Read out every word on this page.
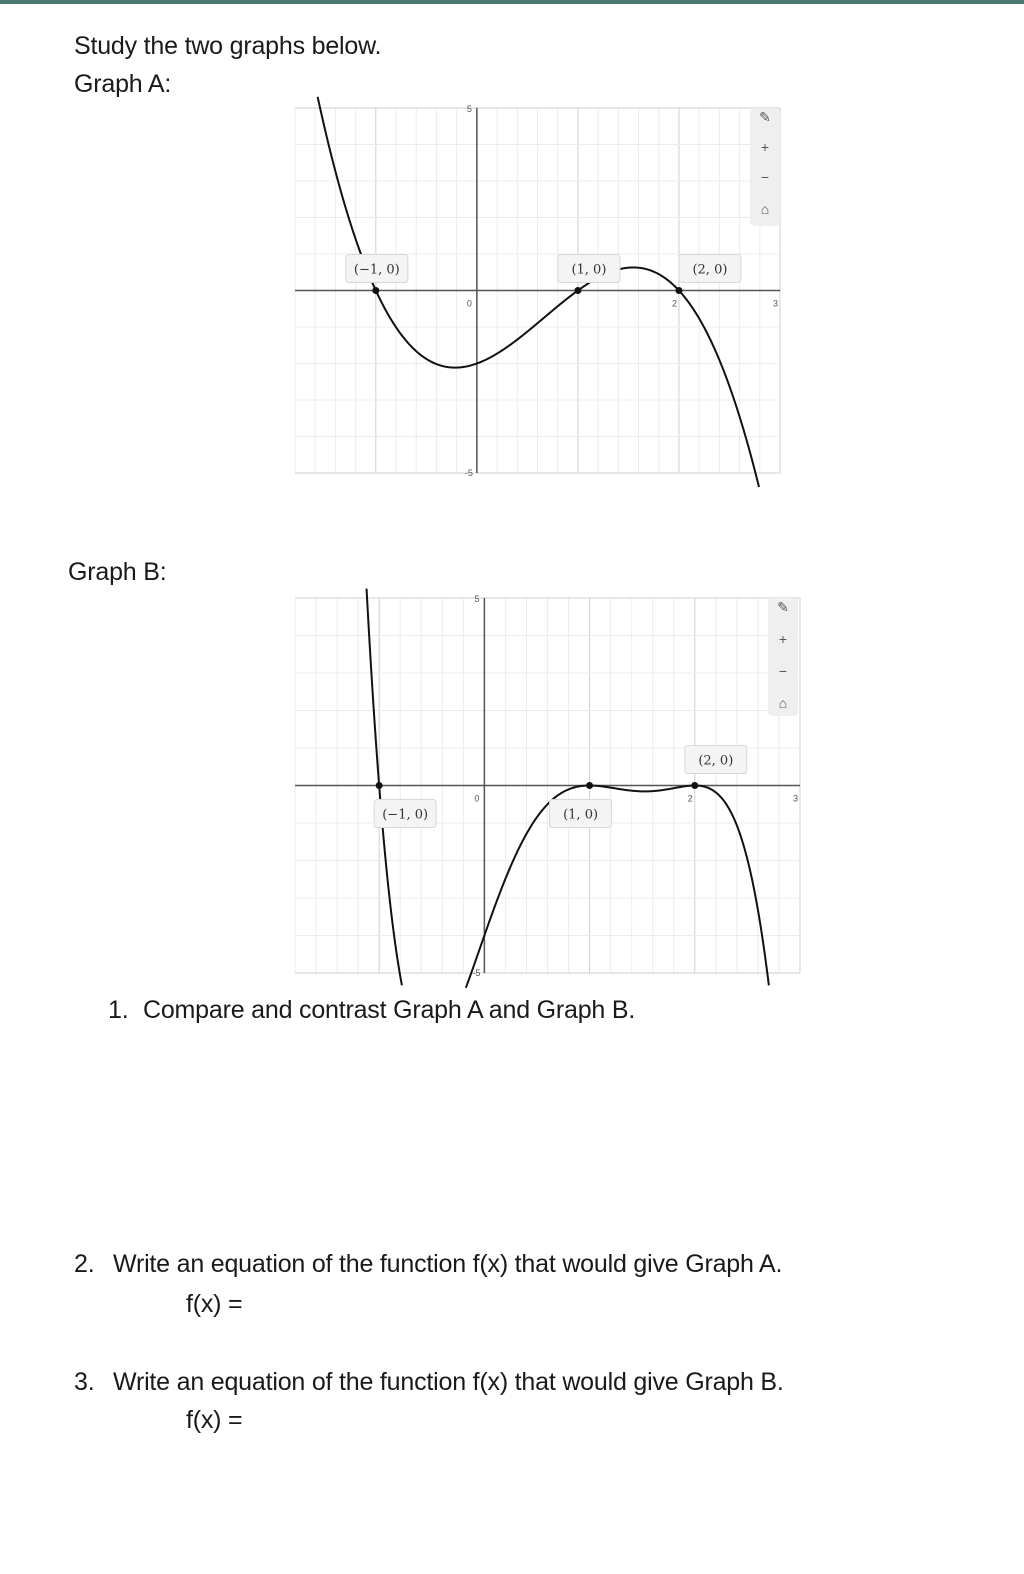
Study the two graphs below.
Graph A:
(−1, 0)	(1, 0)	(2, 0)
5
-5
0	3
2
✎
+
−
⌂
Graph B:
(−1, 0)	(1, 0)
(2, 0)
5
-5
0	3
2
✎
+
−
⌂
1. Compare and contrast Graph A and Graph B.
2. Write an equation of the function f(x) that would give Graph A.
f(x) =
3. Write an equation of the function f(x) that would give Graph B.
f(x) =
